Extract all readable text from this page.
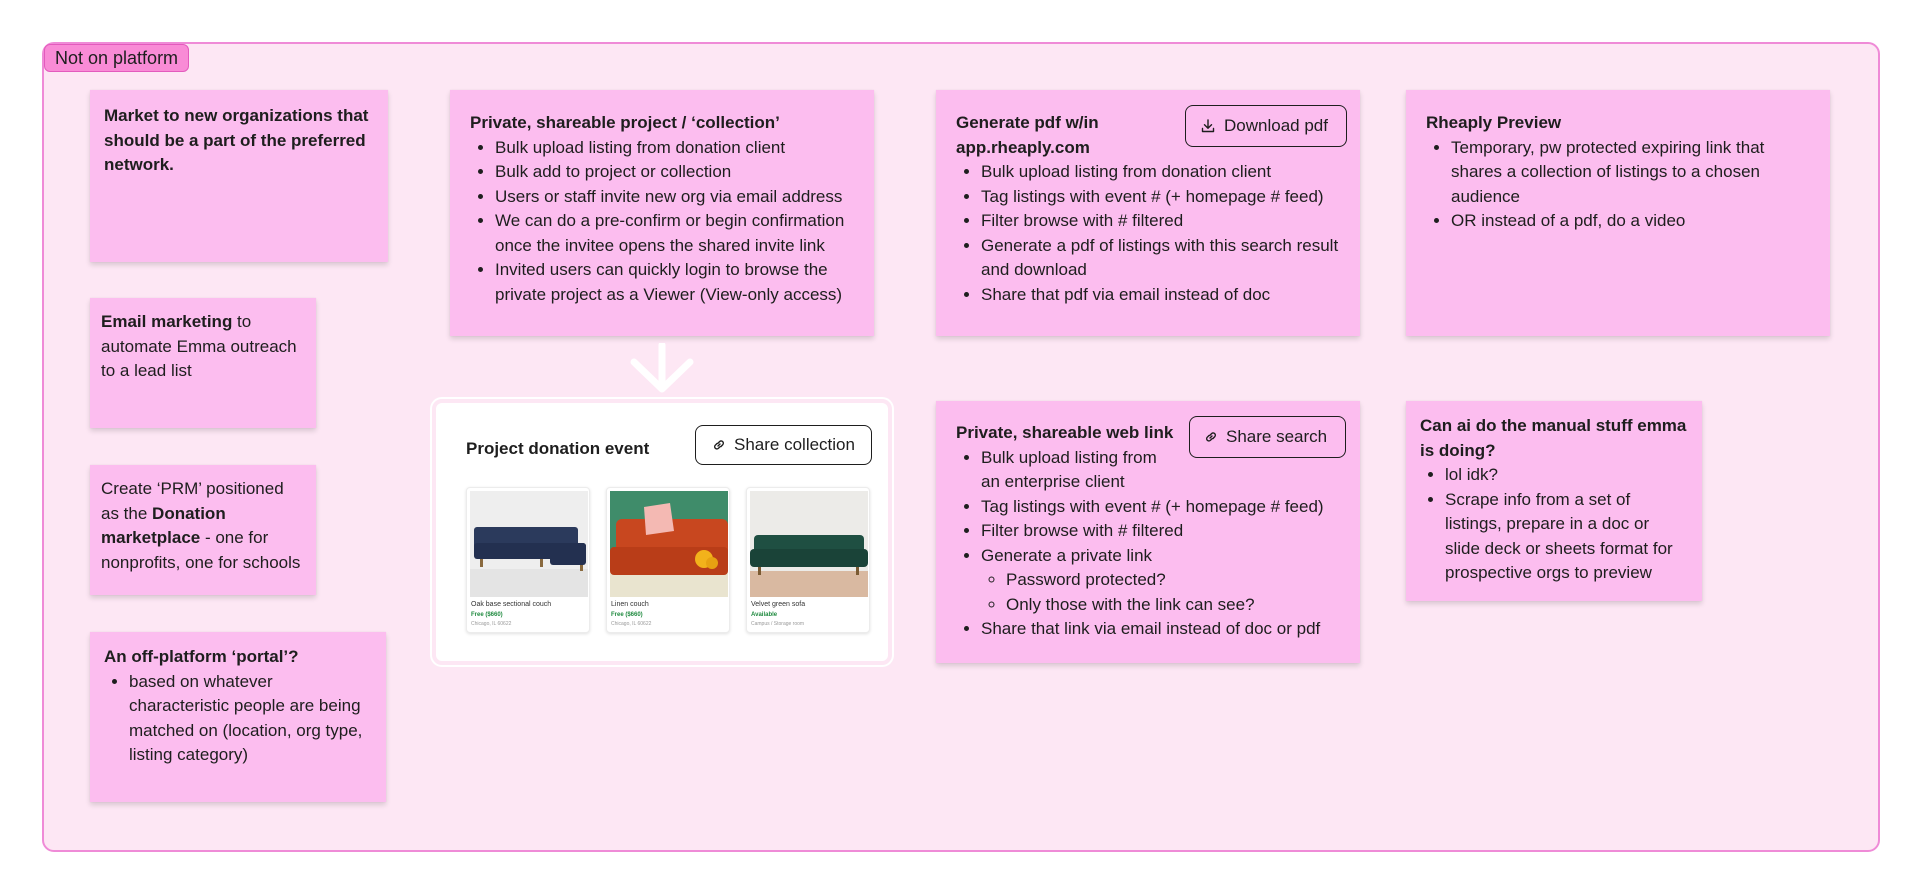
Not on platform
Market to new organizations that should be a part of the preferred network.
Email marketing to automate Emma outreach to a lead list
Create ‘PRM’ positioned as the Donation marketplace - one for nonprofits, one for schools
An off-platform ‘portal’?
• based on whatever characteristic people are being matched on (location, org type, listing category)
Private, shareable project / ‘collection’
• Bulk upload listing from donation client
• Bulk add to project or collection
• Users or staff invite new org via email address
• We can do a pre-confirm or begin confirmation once the invitee opens the shared invite link
• Invited users can quickly login to browse the private project as a Viewer (View-only access)
Project donation event	Share collection
Oak base sectional couch
Free ($660)
Chicago, IL 60622
Linen couch
Free ($660)
Chicago, IL 60622
Velvet green sofa
Available
Campus / Storage room
Generate pdf w/in app.rheaply.com
• Bulk upload listing from donation client
• Tag listings with event # (+ homepage # feed)
• Filter browse with # filtered
• Generate a pdf of listings with this search result and download
• Share that pdf via email instead of doc
Download pdf
Private, shareable web link
• Bulk upload listing from an enterprise client
• Tag listings with event # (+ homepage # feed)
• Filter browse with # filtered
• Generate a private link
◦ Password protected?
◦ Only those with the link can see?
• Share that link via email instead of doc or pdf
Share search
Rheaply Preview
• Temporary, pw protected expiring link that shares a collection of listings to a chosen audience
• OR instead of a pdf, do a video
Can ai do the manual stuff emma is doing?
• lol idk?
• Scrape info from a set of listings, prepare in a doc or slide deck or sheets format for prospective orgs to preview
